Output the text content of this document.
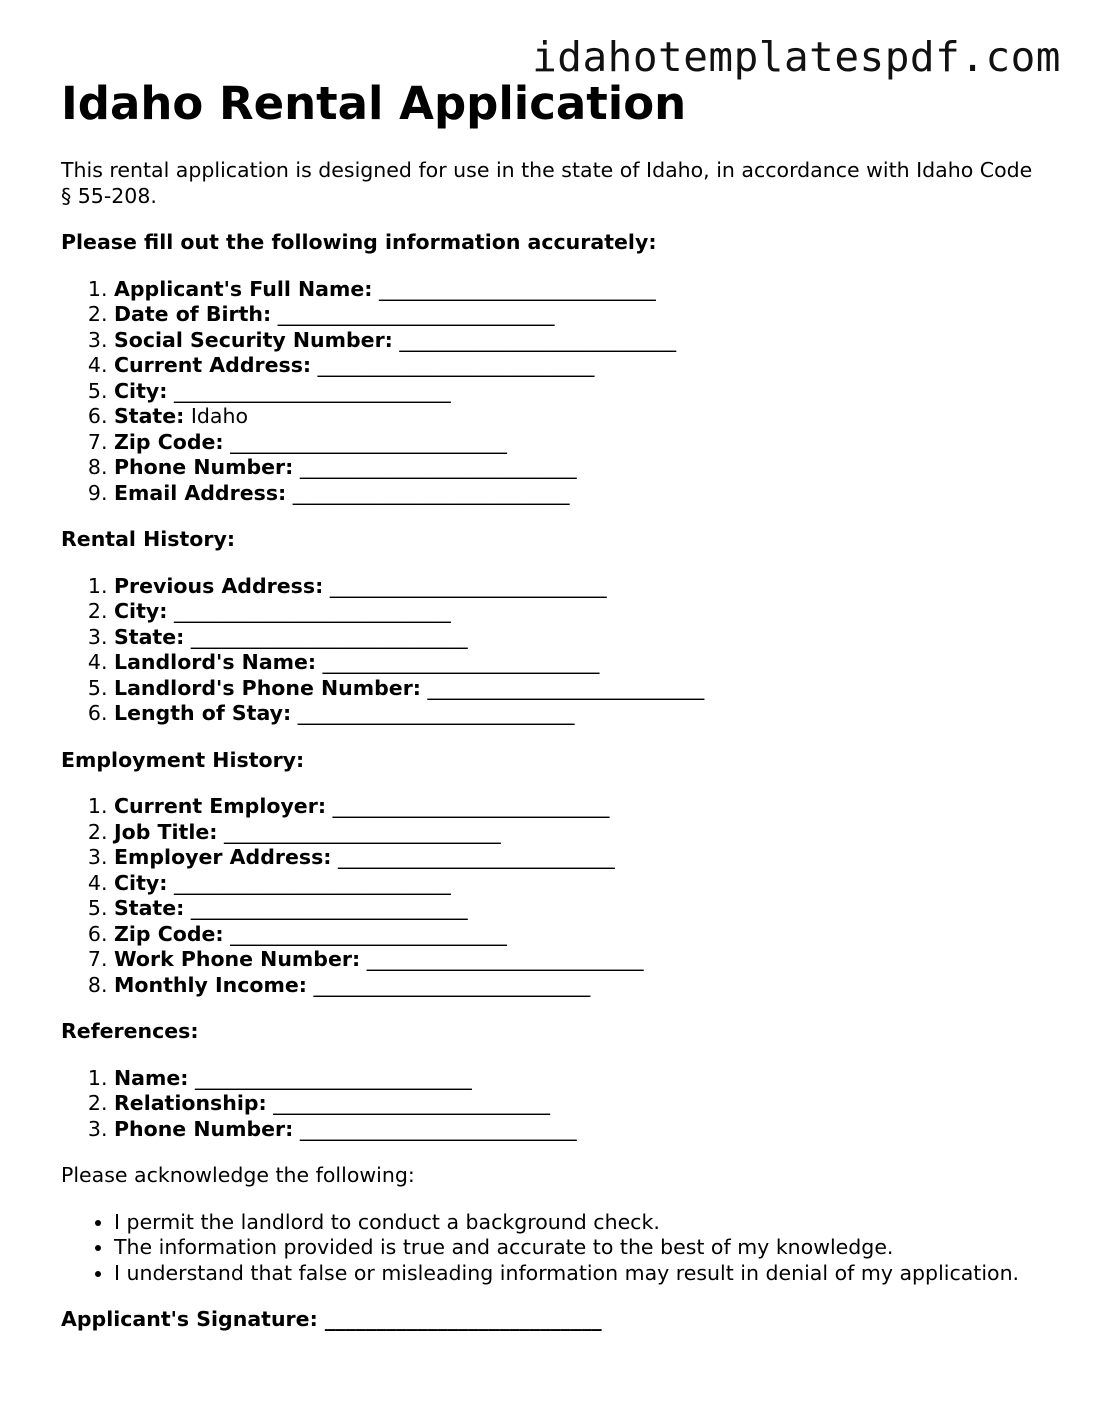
idahotemplatespdf.com
Idaho Rental Application

This rental application is designed for use in the state of Idaho, in accordance with Idaho Code § 55-208.

Please fill out the following information accurately:

1. Applicant's Full Name: ___________________________
2. Date of Birth: ___________________________
3. Social Security Number: ___________________________
4. Current Address: ___________________________
5. City: ___________________________
6. State: Idaho
7. Zip Code: ___________________________
8. Phone Number: ___________________________
9. Email Address: ___________________________

Rental History:

1. Previous Address: ___________________________
2. City: ___________________________
3. State: ___________________________
4. Landlord's Name: ___________________________
5. Landlord's Phone Number: ___________________________
6. Length of Stay: ___________________________

Employment History:

1. Current Employer: ___________________________
2. Job Title: ___________________________
3. Employer Address: ___________________________
4. City: ___________________________
5. State: ___________________________
6. Zip Code: ___________________________
7. Work Phone Number: ___________________________
8. Monthly Income: ___________________________

References:

1. Name: ___________________________
2. Relationship: ___________________________
3. Phone Number: ___________________________

Please acknowledge the following:

• I permit the landlord to conduct a background check.
• The information provided is true and accurate to the best of my knowledge.
• I understand that false or misleading information may result in denial of my application.

Applicant's Signature: ___________________________
